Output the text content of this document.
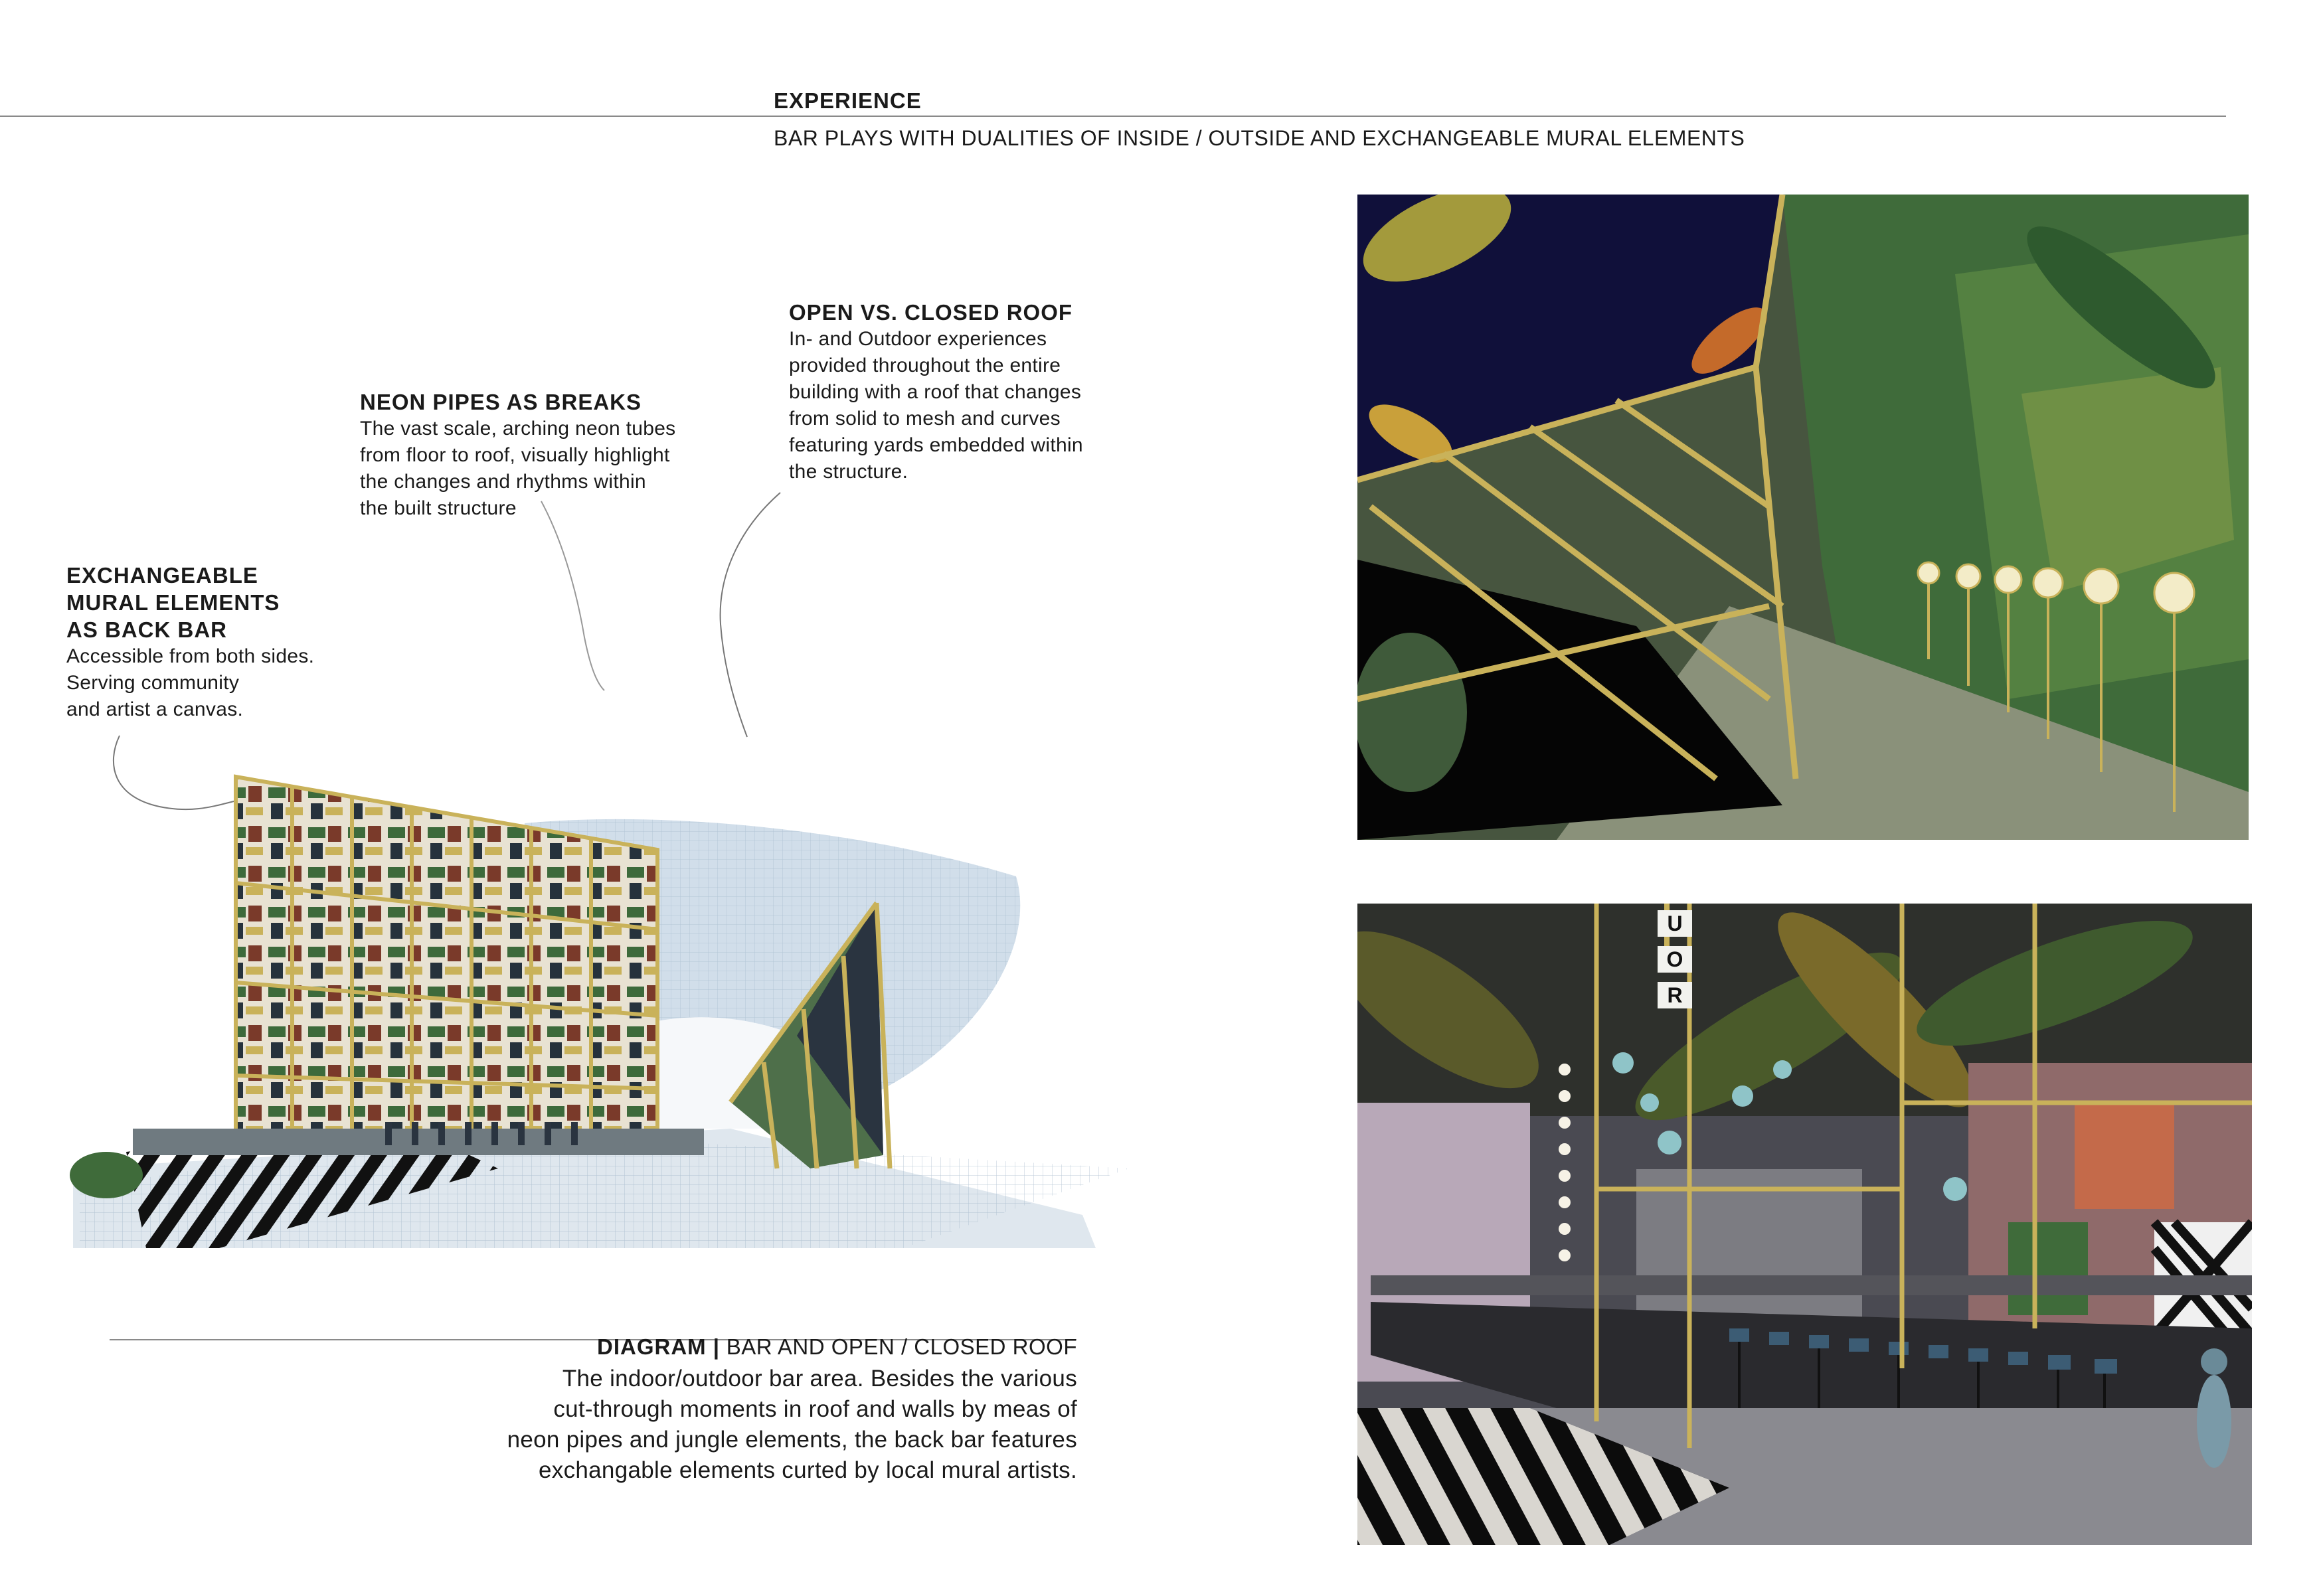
EXPERIENCE
BAR PLAYS WITH DUALITIES OF INSIDE / OUTSIDE AND EXCHANGEABLE MURAL ELEMENTS
OPEN VS. CLOSED ROOF
In- and Outdoor experiences
provided throughout the entire
building with a roof that changes
from solid to mesh and curves
featuring yards embedded within
the structure.
NEON PIPES AS BREAKS
The vast scale, arching neon tubes
from floor to roof, visually highlight
the changes and rhythms within
the built structure
EXCHANGEABLE
MURAL ELEMENTS
AS BACK BAR
Accessible from both sides.
Serving community
and artist a canvas.

DIAGRAM | BAR AND OPEN / CLOSED ROOF

The indoor/outdoor bar area. Besides the various
cut-through moments in roof and walls by meas of
neon pipes and jungle elements, the back bar features
exchangable elements curted by local mural artists.
U
O
R
